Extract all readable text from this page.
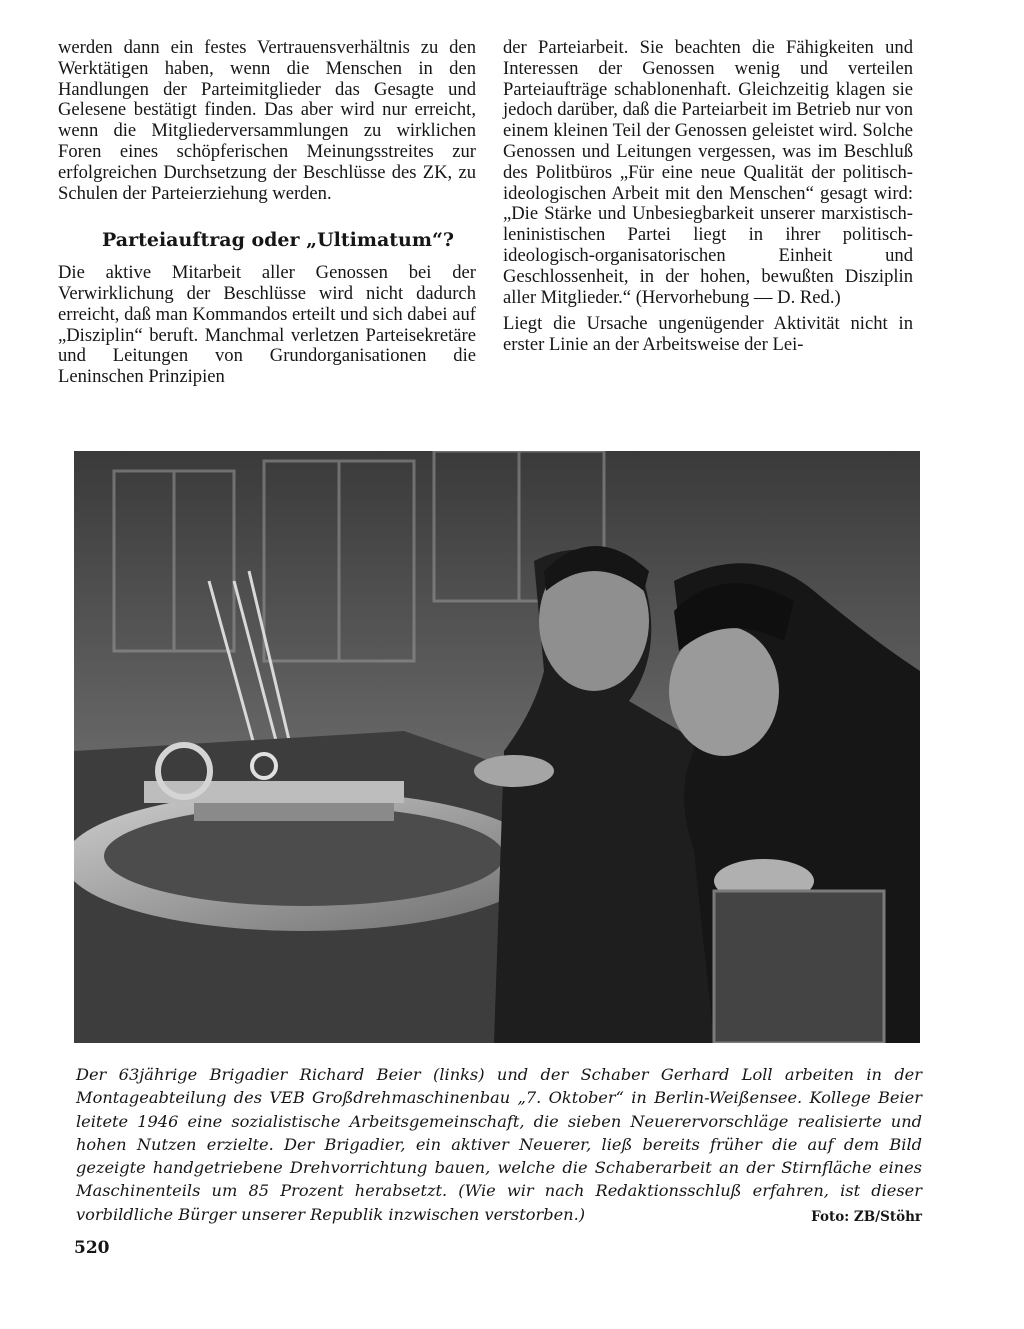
werden dann ein festes Vertrauensverhältnis zu den Werktätigen haben, wenn die Menschen in den Handlungen der Parteimitglieder das Gesagte und Gelesene bestätigt finden. Das aber wird nur erreicht, wenn die Mitgliederversammlungen zu wirklichen Foren eines schöpferischen Meinungsstreites zur erfolgreichen Durchsetzung der Beschlüsse des ZK, zu Schulen der Parteierziehung werden.

Parteiauftrag oder „Ultimatum“?

Die aktive Mitarbeit aller Genossen bei der Verwirklichung der Beschlüsse wird nicht dadurch erreicht, daß man Kommandos erteilt und sich dabei auf „Disziplin“ beruft. Manchmal verletzen Parteisekretäre und Leitungen von Grundorganisationen die Leninschen Prinzipien

der Parteiarbeit. Sie beachten die Fähigkeiten und Interessen der Genossen wenig und verteilen Parteiaufträge schablonenhaft. Gleichzeitig klagen sie jedoch darüber, daß die Parteiarbeit im Betrieb nur von einem kleinen Teil der Genossen geleistet wird. Solche Genossen und Leitungen vergessen, was im Beschluß des Politbüros „Für eine neue Qualität der politisch-ideologischen Arbeit mit den Menschen“ gesagt wird: „Die Stärke und Unbesiegbarkeit unserer marxistisch-leninistischen Partei liegt in ihrer politisch-ideologisch-organisatorischen Einheit und Geschlossenheit, in der hohen, bewußten Disziplin aller Mitglieder.“ (Hervorhebung — D. Red.)

Liegt die Ursache ungenügender Aktivität nicht in erster Linie an der Arbeitsweise der Lei-

Der 63jährige Brigadier Richard Beier (links) und der Schaber Gerhard Loll arbeiten in der Montageabteilung des VEB Großdrehmaschinenbau „7. Oktober“ in Berlin-Weißensee. Kollege Beier leitete 1946 eine sozialistische Arbeitsgemeinschaft, die sieben Neuerervorschläge realisierte und hohen Nutzen erzielte. Der Brigadier, ein aktiver Neuerer, ließ bereits früher die auf dem Bild gezeigte handgetriebene Drehvorrichtung bauen, welche die Schaberarbeit an der Stirnfläche eines Maschinenteils um 85 Prozent herabsetzt. (Wie wir nach Redaktionsschluß erfahren, ist dieser vorbildliche Bürger unserer Republik inzwischen verstorben.)	Foto: ZB/Stöhr
520
